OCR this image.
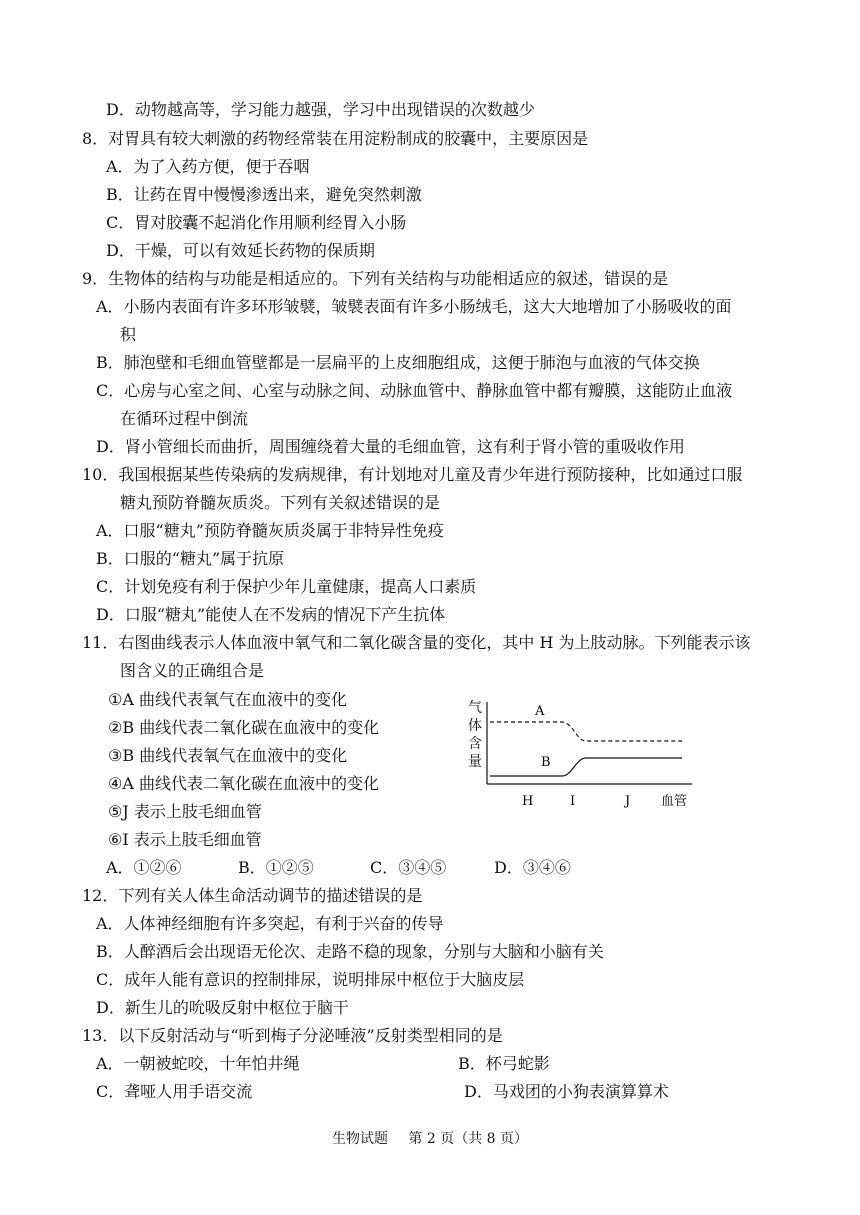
D．动物越高等，学习能力越强，学习中出现错误的次数越少
8．对胃具有较大刺激的药物经常装在用淀粉制成的胶囊中，主要原因是
A．为了入药方便，便于吞咽
B．让药在胃中慢慢渗透出来，避免突然刺激
C．胃对胶囊不起消化作用顺利经胃入小肠
D．干燥，可以有效延长药物的保质期
9．生物体的结构与功能是相适应的。下列有关结构与功能相适应的叙述，错误的是
A．小肠内表面有许多环形皱襞，皱襞表面有许多小肠绒毛，这大大地增加了小肠吸收的面
积
B．肺泡壁和毛细血管壁都是一层扁平的上皮细胞组成，这便于肺泡与血液的气体交换
C．心房与心室之间、心室与动脉之间、动脉血管中、静脉血管中都有瓣膜，这能防止血液
在循环过程中倒流
D．肾小管细长而曲折，周围缠绕着大量的毛细血管，这有利于肾小管的重吸收作用
10．我国根据某些传染病的发病规律，有计划地对儿童及青少年进行预防接种，比如通过口服
糖丸预防脊髓灰质炎。下列有关叙述错误的是
A．口服“糖丸”预防脊髓灰质炎属于非特异性免疫
B．口服的“糖丸”属于抗原
C．计划免疫有利于保护少年儿童健康，提高人口素质
D．口服“糖丸”能使人在不发病的情况下产生抗体
11．右图曲线表示人体血液中氧气和二氧化碳含量的变化，其中 H 为上肢动脉。下列能表示该
图含义的正确组合是
①A 曲线代表氧气在血液中的变化
②B 曲线代表二氧化碳在血液中的变化
③B 曲线代表氧气在血液中的变化
④A 曲线代表二氧化碳在血液中的变化
⑤J 表示上肢毛细血管
⑥I 表示上肢毛细血管
A．①②⑥	B．①②⑤	C．③④⑤	D．③④⑥
气
体
含
量
A
B
H	I	J 血管
12．下列有关人体生命活动调节的描述错误的是
A．人体神经细胞有许多突起，有利于兴奋的传导
B．人醉酒后会出现语无伦次、走路不稳的现象，分别与大脑和小脑有关
C．成年人能有意识的控制排尿，说明排尿中枢位于大脑皮层
D．新生儿的吮吸反射中枢位于脑干
13．以下反射活动与“听到梅子分泌唾液”反射类型相同的是
A．一朝被蛇咬，十年怕井绳	B．杯弓蛇影
C．聋哑人用手语交流	D．马戏团的小狗表演算算术
生物试题 第 2 页（共 8 页）
